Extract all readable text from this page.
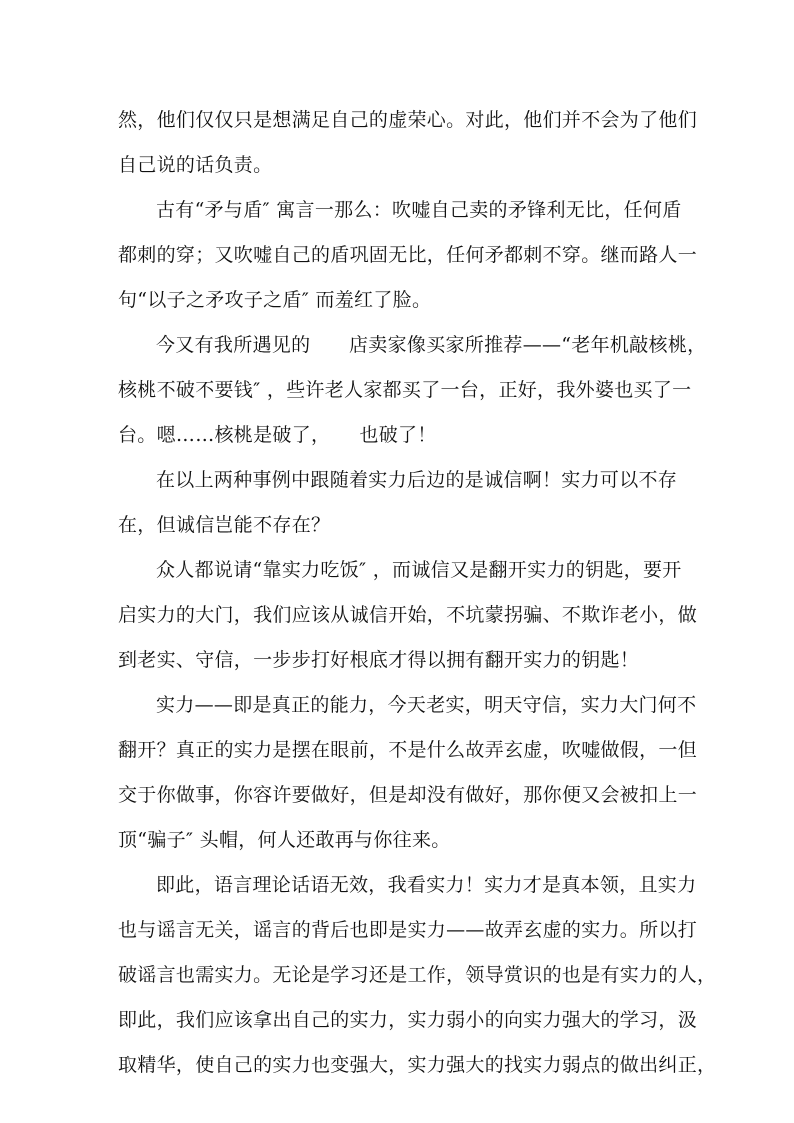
然，他们仅仅只是想满足自己的虚荣心。对此，他们并不会为了他们
自己说的话负责。
古有“矛与盾″ 寓言一那么：吹嘘自己卖的矛锋利无比，任何盾
都刺的穿；又吹嘘自己的盾巩固无比，任何矛都刺不穿。继而路人一
句“以子之矛攻子之盾″ 而羞红了脸。
今又有我所遇见的　　店卖家像买家所推荐——“老年机敲核桃，
核桃不破不要钱″ ，些许老人家都买了一台，正好，我外婆也买了一
台。嗯……核桃是破了，　　也破了！
在以上两种事例中跟随着实力后边的是诚信啊！实力可以不存
在，但诚信岂能不存在？
众人都说请“靠实力吃饭″ ，而诚信又是翻开实力的钥匙，要开
启实力的大门，我们应该从诚信开始，不坑蒙拐骗、不欺诈老小，做
到老实、守信，一步步打好根底才得以拥有翻开实力的钥匙！
实力——即是真正的能力，今天老实，明天守信，实力大门何不
翻开？真正的实力是摆在眼前，不是什么故弄玄虚，吹嘘做假，一但
交于你做事，你容许要做好，但是却没有做好，那你便又会被扣上一
顶“骗子″ 头帽，何人还敢再与你往来。
即此，语言理论话语无效，我看实力！实力才是真本领，且实力
也与谣言无关，谣言的背后也即是实力——故弄玄虚的实力。所以打
破谣言也需实力。无论是学习还是工作，领导赏识的也是有实力的人，
即此，我们应该拿出自己的实力，实力弱小的向实力强大的学习，汲
取精华，使自己的实力也变强大，实力强大的找实力弱点的做出纠正，
